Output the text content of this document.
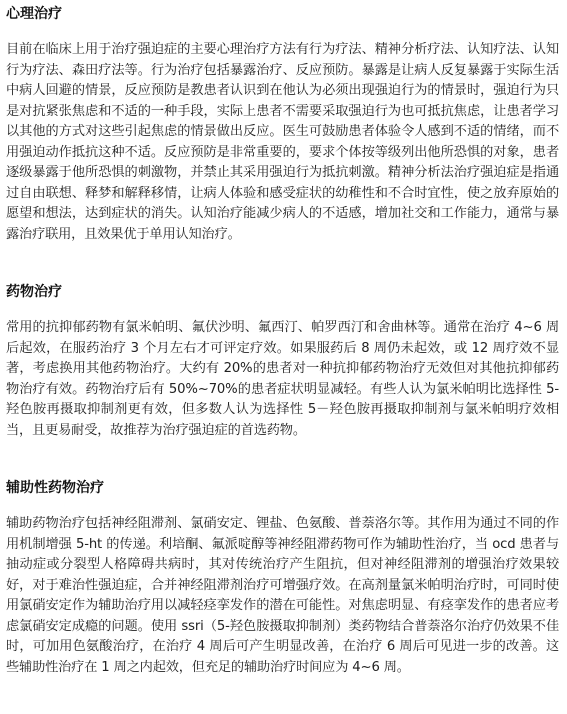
心理治疗

目前在临床上用于治疗强迫症的主要心理治疗方法有行为疗法、精神分析疗法、认知疗法、认知行为疗法、森田疗法等。行为治疗包括暴露治疗、反应预防。暴露是让病人反复暴露于实际生活中病人回避的情景，反应预防是教患者认识到在他认为必须出现强迫行为的情景时，强迫行为只是对抗紧张焦虑和不适的一种手段，实际上患者不需要采取强迫行为也可抵抗焦虑，让患者学习以其他的方式对这些引起焦虑的情景做出反应。医生可鼓励患者体验令人感到不适的情绪，而不用强迫动作抵抗这种不适。反应预防是非常重要的，要求个体按等级列出他所恐惧的对象，患者逐级暴露于他所恐惧的刺激物，并禁止其采用强迫行为抵抗刺激。精神分析法治疗强迫症是指通过自由联想、释梦和解释移情，让病人体验和感受症状的幼稚性和不合时宜性，使之放弃原始的愿望和想法，达到症状的消失。认知治疗能减少病人的不适感，增加社交和工作能力，通常与暴露治疗联用，且效果优于单用认知治疗。

药物治疗

常用的抗抑郁药物有氯米帕明、氟伏沙明、氟西汀、帕罗西汀和舍曲林等。通常在治疗 4~6 周后起效，在服药治疗 3 个月左右才可评定疗效。如果服药后 8 周仍未起效，或 12 周疗效不显著，考虑换用其他药物治疗。大约有 20%的患者对一种抗抑郁药物治疗无效但对其他抗抑郁药物治疗有效。药物治疗后有 50%~70%的患者症状明显减轻。有些人认为氯米帕明比选择性 5-羟色胺再摄取抑制剂更有效，但多数人认为选择性 5－羟色胺再摄取抑制剂与氯米帕明疗效相当，且更易耐受，故推荐为治疗强迫症的首选药物。

辅助性药物治疗

辅助药物治疗包括神经阻滞剂、氯硝安定、锂盐、色氨酸、普萘洛尔等。其作用为通过不同的作用机制增强 5-ht 的传递。利培酮、氟派啶醇等神经阻滞药物可作为辅助性治疗，当 ocd 患者与抽动症或分裂型人格障碍共病时，其对传统治疗产生阻抗，但对神经阻滞剂的增强治疗效果较好，对于难治性强迫症，合并神经阻滞剂治疗可增强疗效。在高剂量氯米帕明治疗时，可同时使用氯硝安定作为辅助治疗用以减轻痉挛发作的潜在可能性。对焦虑明显、有痉挛发作的患者应考虑氯硝安定成瘾的问题。使用 ssri（5-羟色胺摄取抑制剂）类药物结合普萘洛尔治疗仍效果不佳时，可加用色氨酸治疗，在治疗 4 周后可产生明显改善，在治疗 6 周后可见进一步的改善。这些辅助性治疗在 1 周之内起效，但充足的辅助治疗时间应为 4~6 周。
